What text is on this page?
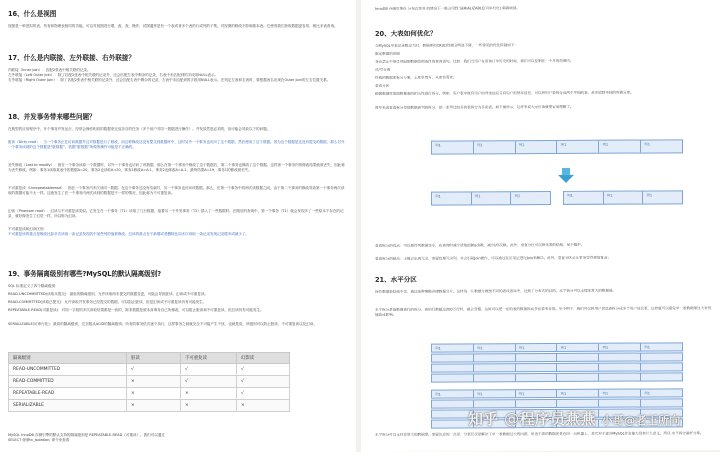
16、什么是视图

视图是一种虚拟的表，具有和物理表相同的功能。可以对视图进行增，改，查，操作，试图通常是有一个表或者多个表的行或列的子集。对视图的修改不影响基本表。它使得我们获取数据更容易，相比多表查询。

17、什么是内联接、左外联接、右外联接？

内联接（Inner Join）：匹配2张表中相关联的记录。

左外联接（Left Outer Join）：除了匹配2张表中相关联的记录外，还会匹配左表中剩余的记录，右表中未匹配到的字段用NULL表示。

右外联接（Right Outer Join）：除了匹配2张表中相关联的记录外，还会匹配右表中剩余的记录，左表中未匹配到的字段用NULL表示。在判定左表和右表时，要根据表名出现在Outer Join的左右位置关系。

18、并发事务带来哪些问题？

在典型的应用程序中，多个事务并发运行，经常会操作相同的数据来完成各自的任务（多个用户对同一数据进行操作）。并发虽然是必须的，但可能会导致以下的问题。

脏读（Dirty read）：当一个事务正在访问数据并且对数据进行了修改，而这种修改还没有提交到数据库中，这时另外一个事务也访问了这个数据，然后使用了这个数据。因为这个数据是还没有提交的数据，那么另外一个事务读到的这个数据是“脏数据”，依据“脏数据”所做的操作可能是不正确的。

丢失修改（Lost to modify）：指在一个事务读取一个数据时，另外一个事务也访问了该数据，那么在第一个事务中修改了这个数据后，第二个事务也修改了这个数据。这样第一个事务内的修改结果就被丢失，因此称为丢失修改。例如：事务1读取某表中的数据A=20，事务2也读取A=20，事务1修改A=A-1，事务2也修改A=A-1，最终结果A=19，事务1的修改被丢失。

不可重复读（Unrepeatableread）：指在一个事务内多次读同一数据。在这个事务还没有结束时，另一个事务也访问该数据。那么，在第一个事务中的两次读数据之间，由于第二个事务的修改导致第一个事务两次读取的数据可能不太一样。这就发生了在一个事务内两次读到的数据是不一样的情况，因此称为不可重复读。

幻读（Phantom read）：幻读与不可重复读类似。它发生在一个事务（T1）读取了几行数据，接着另一个并发事务（T2）插入了一些数据时。在随后的查询中，第一个事务（T1）就会发现多了一些原本不存在的记录，就好像发生了幻觉一样，所以称为幻读。

不可重复读和幻读区别：

不可重复读的重点是修改比如多次读取一条记录发现其中某些列的值被修改，幻读的重点在于新增或者删除比如多次读取一条记录发现记录增多或减少了。

19、事务隔离级别有哪些?MySQL的默认隔离级别?

SQL 标准定义了四个隔离级别：

READ-UNCOMMITTED(读取未提交)：最低的隔离级别，允许读取尚未提交的数据变更，可能会导致脏读、幻读或不可重复读。

READ-COMMITTED(读取已提交)：允许读取并发事务已经提交的数据，可以阻止脏读，但是幻读或不可重复读仍有可能发生。

REPEATABLE-READ(可重复读)：对同一字段的多次读取结果都是一致的，除非数据是被本身事务自己所修改，可以阻止脏读和不可重复读，但幻读仍有可能发生。

SERIALIZABLE(可串行化)：最高的隔离级别，完全服从ACID的隔离级别。所有的事务依次逐个执行，这样事务之间就完全不可能产生干扰，也就是说，该级别可以防止脏读、不可重复读以及幻读。

隔离级别	脏读	不可重复读	幻影读
READ-UNCOMMITTED	√	√	√
READ-COMMITTED	×	√	√
REPEATABLE-READ	×	×	√
SERIALIZABLE	×	×	×

MySQL InnoDB 存储引擎的默认支持的隔离级别是 REPEATABLE-READ（可重读）。我们可以通过

SELECT @@tx_isolation; 命令来查看

InnoDB 存储引擎在 分布式事务 的情况下一般会用到 SERIALIZABLE(可串行化) 隔离级别。

20、大表如何优化？

当MySQL单表记录数过大时，数据库的CRUD性能会明显下降，一些常见的优化措施如下：

限定数据的范围

务必禁止不带任何限制数据范围条件的查询语句。比如：我们当用户在查询订单历史的时候，我们可以控制在一个月的范围内；

读/写分离

经典的数据库拆分方案，主库负责写，从库负责读；

垂直分区

根据数据库里面数据表的相关性进行拆分。例如，用户表中既有用户的登录信息又有用户的基本信息，可以将用户表拆分成两个单独的表，甚至放到单独的库做分库。

简单来说垂直拆分是指数据表列的拆分，把一张列比较多的表拆分为多张表。如下图所示，这样来说大家应该就更容易理解了。

列1	列1	列1	列1	列1	列1
列1	列1	列1	列1	列1	列1

垂直拆分的优点：可以使得列数据变小，在查询时减少读取的Block数，减少I/O次数。此外，垂直分区可以简化表的结构，易于维护。

垂直拆分的缺点：主键会出现冗余，需要管理冗余列，并会引起Join操作，可以通过在应用层进行Join来解决。此外，垂直分区会让事务变得更加复杂；

21、水平分区

保持数据表结构不变，通过某种策略存储数据分片。这样每一片数据分散到不同的表或者库中，达到了分布式的目的。水平拆分可以支撑非常大的数据量。

水平拆分是指数据表行的拆分，表的行数超过200万行时，就会变慢，这时可以把一张的表的数据拆成多张表来存放。举个例子：我们可以将用户信息表拆分成多个用户信息表，这样就可以避免单一表数据量过大对性能造成影响。

列1	列1	列1	列1	列1	列1
列1	列1	列1	列1	列1	列1

水平拆分可以支持非常大的数据量。需要注意的一点是：分表仅仅是解决了单一表数据过大的问题，但由于表的数据还是在同一台机器上，其实对于提升MySQL并发能力没有什么意义，所以 水平拆分最好分库。

知乎 @程序员燕燕 小哥@老王所向
